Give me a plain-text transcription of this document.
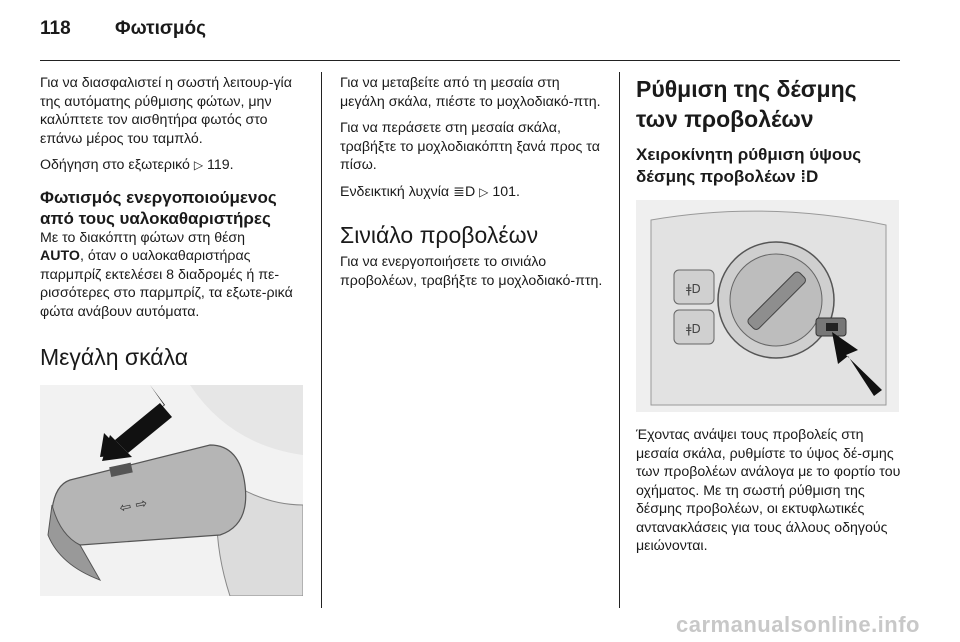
118 Φωτισμός

Για να διασφαλιστεί η σωστή λειτουρ-γία της αυτόματης ρύθμισης φώτων, μην καλύπτετε τον αισθητήρα φωτός στο επάνω μέρος του ταμπλό.

Οδήγηση στο εξωτερικό ▷ 119.

Φωτισμός ενεργοποιούμενος από τους υαλοκαθαριστήρες

Με το διακόπτη φώτων στη θέση
AUTO, όταν ο υαλοκαθαριστήρας παρμπρίζ εκτελέσει 8 διαδρομές ή πε-ρισσότερες στο παρμπρίζ, τα εξωτε-ρικά φώτα ανάβουν αυτόματα.

Μεγάλη σκάλα
⇦ ⇨

Για να μεταβείτε από τη μεσαία στη μεγάλη σκάλα, πιέστε το μοχλοδιακό-πτη.

Για να περάσετε στη μεσαία σκάλα, τραβήξτε το μοχλοδιακόπτη ξανά προς τα πίσω.

Ενδεικτική λυχνία ≣D ▷ 101.

Σινιάλο προβολέων

Για να ενεργοποιήσετε το σινιάλο προβολέων, τραβήξτε το μοχλοδιακό-πτη.

Ρύθμιση της δέσμης των προβολέων
Χειροκίνητη ρύθμιση ύψους δέσμης προβολέων ⁞D
ǂD
ǂD

Έχοντας ανάψει τους προβολείς στη μεσαία σκάλα, ρυθμίστε το ύψος δέ-σμης των προβολέων ανάλογα με το φορτίο του οχήματος. Με τη σωστή ρύθμιση της δέσμης προβολέων, οι εκτυφλωτικές αντανακλάσεις για τους άλλους οδηγούς μειώνονται.

carmanualsonline.info
